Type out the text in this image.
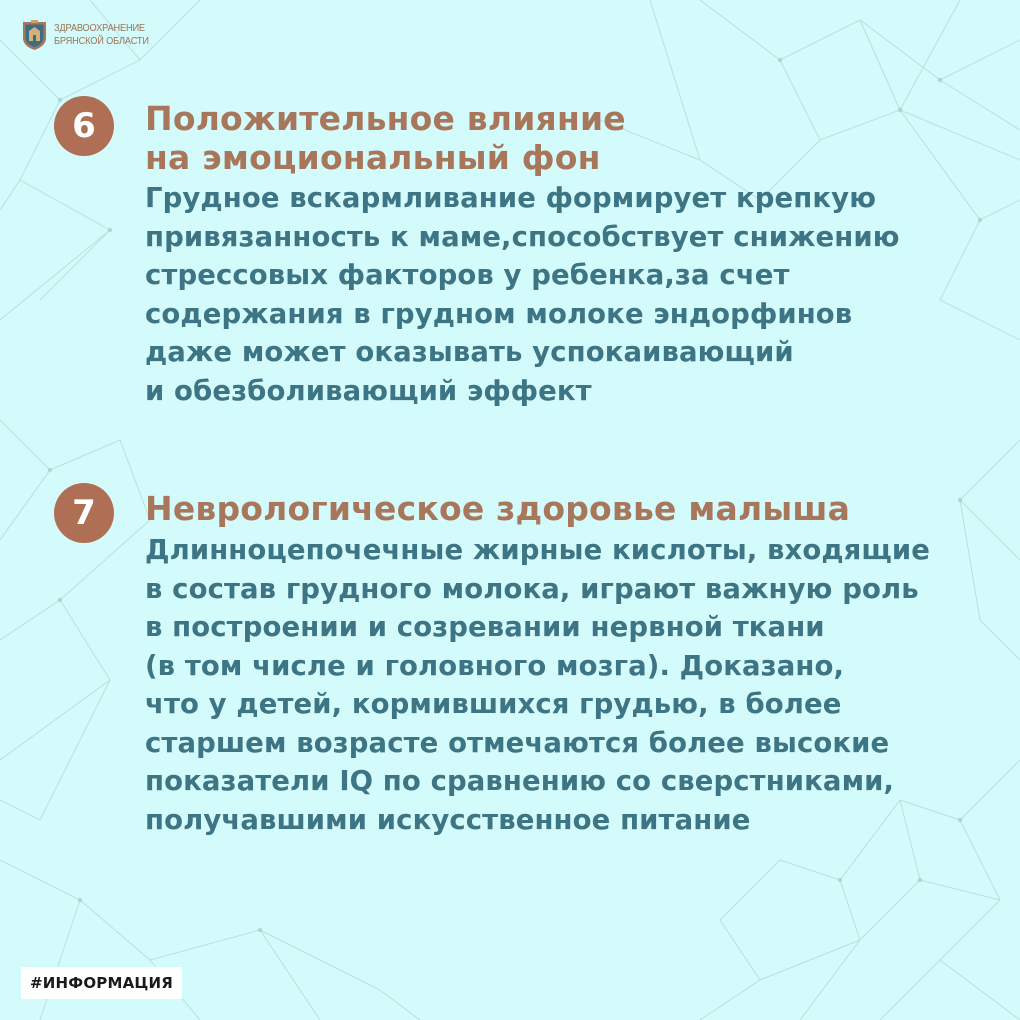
ЗДРАВООХРАНЕНИЕ
БРЯНСКОЙ ОБЛАСТИ
6	Положительное влияние
на эмоциональный фон
Грудное вскармливание формирует крепкую
привязанность к маме,способствует снижению
стрессовых факторов у ребенка,за счет
содержания в грудном молоке эндорфинов
даже может оказывать успокаивающий
и обезболивающий эффект
7	Неврологическое здоровье малыша
Длинноцепочечные жирные кислоты, входящие
в состав грудного молока, играют важную роль
в построении и созревании нервной ткани
(в том числе и головного мозга). Доказано,
что у детей, кормившихся грудью, в более
старшем возрасте отмечаются более высокие
показатели IQ по сравнению со сверстниками,
получавшими искусственное питание
#ИНФОРМАЦИЯ
